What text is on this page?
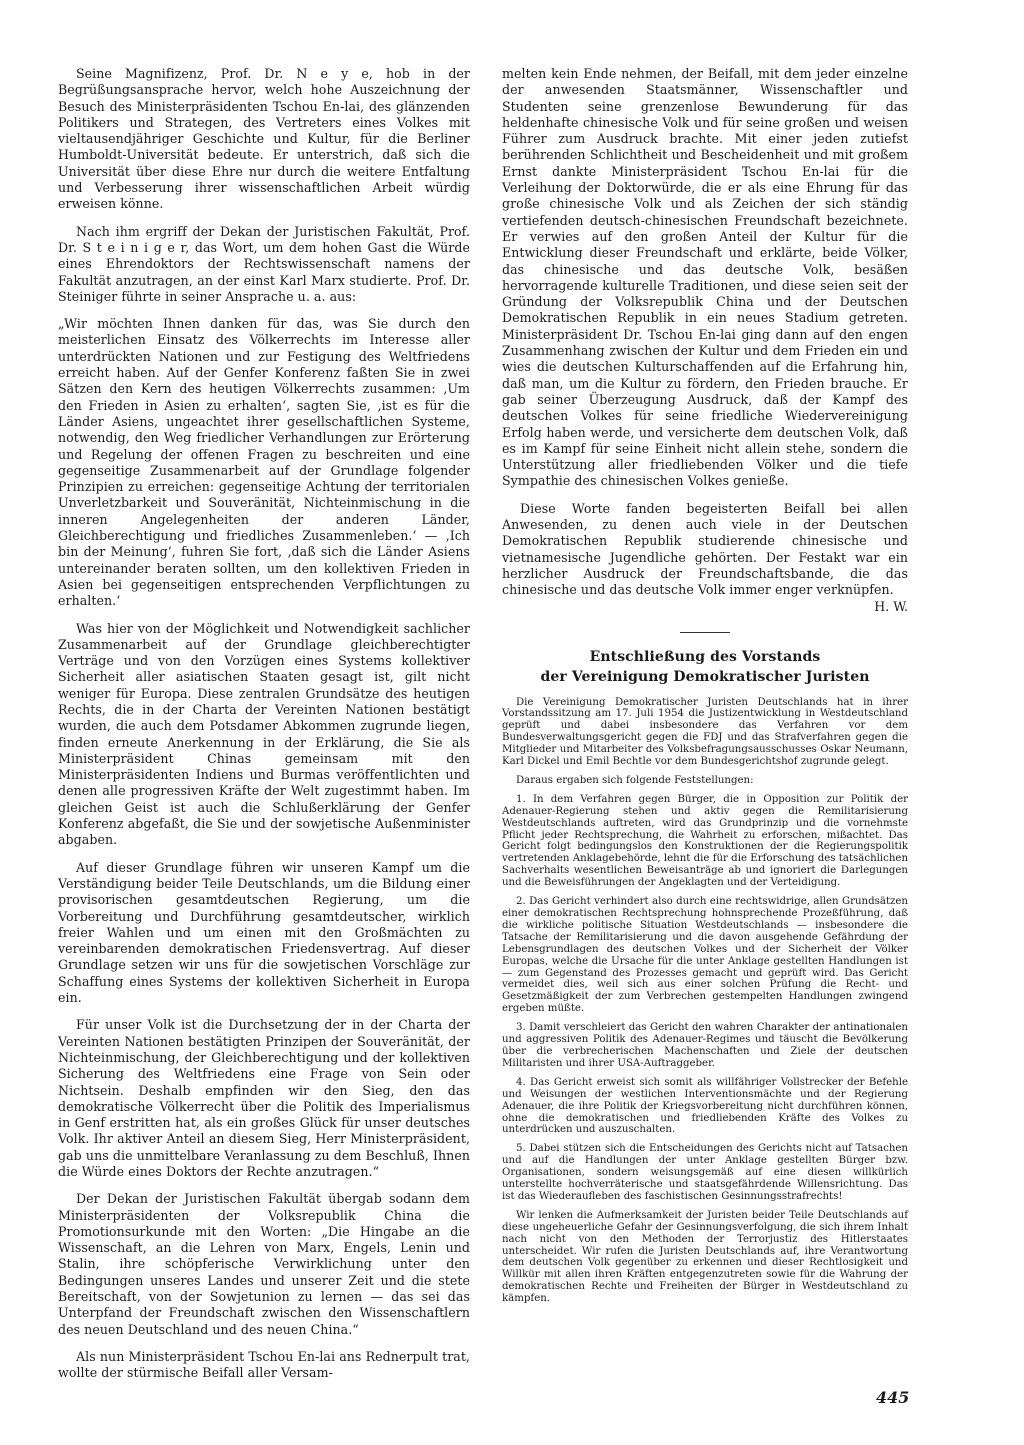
Seine Magnifizenz, Prof. Dr. N e y e, hob in der Begrüßungsansprache hervor, welch hohe Auszeichnung der Besuch des Ministerpräsidenten Tschou En-lai, des glänzenden Politikers und Strategen, des Vertreters eines Volkes mit vieltausendjähriger Geschichte und Kultur, für die Berliner Humboldt-Universität bedeute. Er unterstrich, daß sich die Universität über diese Ehre nur durch die weitere Entfaltung und Verbesserung ihrer wissenschaftlichen Arbeit würdig erweisen könne.

Nach ihm ergriff der Dekan der Juristischen Fakultät, Prof. Dr. S t e i n i g e r, das Wort, um dem hohen Gast die Würde eines Ehrendoktors der Rechtswissenschaft namens der Fakultät anzutragen, an der einst Karl Marx studierte. Prof. Dr. Steiniger führte in seiner Ansprache u. a. aus:

„Wir möchten Ihnen danken für das, was Sie durch den meisterlichen Einsatz des Völkerrechts im Interesse aller unterdrückten Nationen und zur Festigung des Weltfriedens erreicht haben. Auf der Genfer Konferenz faßten Sie in zwei Sätzen den Kern des heutigen Völkerrechts zusammen: ‚Um den Frieden in Asien zu erhalten‘, sagten Sie, ‚ist es für die Länder Asiens, ungeachtet ihrer gesellschaftlichen Systeme, notwendig, den Weg friedlicher Verhandlungen zur Erörterung und Regelung der offenen Fragen zu beschreiten und eine gegenseitige Zusammenarbeit auf der Grundlage folgender Prinzipien zu erreichen: gegenseitige Achtung der territorialen Unverletzbarkeit und Souveränität, Nichteinmischung in die inneren Angelegenheiten der anderen Länder, Gleichberechtigung und friedliches Zusammenleben.‘ — ‚Ich bin der Meinung‘, fuhren Sie fort, ‚daß sich die Länder Asiens untereinander beraten sollten, um den kollektiven Frieden in Asien bei gegenseitigen entsprechenden Verpflichtungen zu erhalten.‘

Was hier von der Möglichkeit und Notwendigkeit sachlicher Zusammenarbeit auf der Grundlage gleichberechtigter Verträge und von den Vorzügen eines Systems kollektiver Sicherheit aller asiatischen Staaten gesagt ist, gilt nicht weniger für Europa. Diese zentralen Grundsätze des heutigen Rechts, die in der Charta der Vereinten Nationen bestätigt wurden, die auch dem Potsdamer Abkommen zugrunde liegen, finden erneute Anerkennung in der Erklärung, die Sie als Ministerpräsident Chinas gemeinsam mit den Ministerpräsidenten Indiens und Burmas veröffentlichten und denen alle progressiven Kräfte der Welt zugestimmt haben. Im gleichen Geist ist auch die Schlußerklärung der Genfer Konferenz abgefaßt, die Sie und der sowjetische Außenminister abgaben.

Auf dieser Grundlage führen wir unseren Kampf um die Verständigung beider Teile Deutschlands, um die Bildung einer provisorischen gesamtdeutschen Regierung, um die Vorbereitung und Durchführung gesamtdeutscher, wirklich freier Wahlen und um einen mit den Großmächten zu vereinbarenden demokratischen Friedensvertrag. Auf dieser Grundlage setzen wir uns für die sowjetischen Vorschläge zur Schaffung eines Systems der kollektiven Sicherheit in Europa ein.

Für unser Volk ist die Durchsetzung der in der Charta der Vereinten Nationen bestätigten Prinzipen der Souveränität, der Nichteinmischung, der Gleichberechtigung und der kollektiven Sicherung des Weltfriedens eine Frage von Sein oder Nichtsein. Deshalb empfinden wir den Sieg, den das demokratische Völkerrecht über die Politik des Imperialismus in Genf erstritten hat, als ein großes Glück für unser deutsches Volk. Ihr aktiver Anteil an diesem Sieg, Herr Ministerpräsident, gab uns die unmittelbare Veranlassung zu dem Beschluß, Ihnen die Würde eines Doktors der Rechte anzutragen.“

Der Dekan der Juristischen Fakultät übergab sodann dem Ministerpräsidenten der Volksrepublik China die Promotionsurkunde mit den Worten: „Die Hingabe an die Wissenschaft, an die Lehren von Marx, Engels, Lenin und Stalin, ihre schöpferische Verwirklichung unter den Bedingungen unseres Landes und unserer Zeit und die stete Bereitschaft, von der Sowjetunion zu lernen — das sei das Unterpfand der Freundschaft zwischen den Wissenschaftlern des neuen Deutschland und des neuen China.“

Als nun Ministerpräsident Tschou En-lai ans Rednerpult trat, wollte der stürmische Beifall aller Versam-

melten kein Ende nehmen, der Beifall, mit dem jeder einzelne der anwesenden Staatsmänner, Wissenschaftler und Studenten seine grenzenlose Bewunderung für das heldenhafte chinesische Volk und für seine großen und weisen Führer zum Ausdruck brachte. Mit einer jeden zutiefst berührenden Schlichtheit und Bescheidenheit und mit großem Ernst dankte Ministerpräsident Tschou En-lai für die Verleihung der Doktorwürde, die er als eine Ehrung für das große chinesische Volk und als Zeichen der sich ständig vertiefenden deutsch-chinesischen Freundschaft bezeichnete. Er verwies auf den großen Anteil der Kultur für die Entwicklung dieser Freundschaft und erklärte, beide Völker, das chinesische und das deutsche Volk, besäßen hervorragende kulturelle Traditionen, und diese seien seit der Gründung der Volksrepublik China und der Deutschen Demokratischen Republik in ein neues Stadium getreten. Ministerpräsident Dr. Tschou En-lai ging dann auf den engen Zusammenhang zwischen der Kultur und dem Frieden ein und wies die deutschen Kulturschaffenden auf die Erfahrung hin, daß man, um die Kultur zu fördern, den Frieden brauche. Er gab seiner Überzeugung Ausdruck, daß der Kampf des deutschen Volkes für seine friedliche Wiedervereinigung Erfolg haben werde, und versicherte dem deutschen Volk, daß es im Kampf für seine Einheit nicht allein stehe, sondern die Unterstützung aller friedliebenden Völker und die tiefe Sympathie des chinesischen Volkes genieße.

Diese Worte fanden begeisterten Beifall bei allen Anwesenden, zu denen auch viele in der Deutschen Demokratischen Republik studierende chinesische und vietnamesische Jugendliche gehörten. Der Festakt war ein herzlicher Ausdruck der Freundschaftsbande, die das chinesische und das deutsche Volk immer enger verknüpfen.

H. W.
Entschließung des Vorstands
der Vereinigung Demokratischer Juristen

Die Vereinigung Demokratischer Juristen Deutschlands hat in ihrer Vorstandssitzung am 17. Juli 1954 die Justizentwicklung in Westdeutschland geprüft und dabei insbesondere das Verfahren vor dem Bundesverwaltungsgericht gegen die FDJ und das Strafverfahren gegen die Mitglieder und Mitarbeiter des Volksbefragungsausschusses Oskar Neumann, Karl Dickel und Emil Bechtle vor dem Bundesgerichtshof zugrunde gelegt.

Daraus ergaben sich folgende Feststellungen:

1. In dem Verfahren gegen Bürger, die in Opposition zur Politik der Adenauer-Regierung stehen und aktiv gegen die Remilitarisierung Westdeutschlands auftreten, wird das Grundprinzip und die vornehmste Pflicht jeder Rechtsprechung, die Wahrheit zu erforschen, mißachtet. Das Gericht folgt bedingungslos den Konstruktionen der die Regierungspolitik vertretenden Anklagebehörde, lehnt die für die Erforschung des tatsächlichen Sachverhalts wesentlichen Beweisanträge ab und ignoriert die Darlegungen und die Beweisführungen der Angeklagten und der Verteidigung.

2. Das Gericht verhindert also durch eine rechtswidrige, allen Grundsätzen einer demokratischen Rechtsprechung hohnsprechende Prozeßführung, daß die wirkliche politische Situation Westdeutschlands — insbesondere die Tatsache der Remilitarisierung und die davon ausgehende Gefährdung der Lebensgrundlagen des deutschen Volkes und der Sicherheit der Völker Europas, welche die Ursache für die unter Anklage gestellten Handlungen ist — zum Gegenstand des Prozesses gemacht und geprüft wird. Das Gericht vermeidet dies, weil sich aus einer solchen Prüfung die Recht- und Gesetzmäßigkeit der zum Verbrechen gestempelten Handlungen zwingend ergeben müßte.

3. Damit verschleiert das Gericht den wahren Charakter der antinationalen und aggressiven Politik des Adenauer-Regimes und täuscht die Bevölkerung über die verbrecherischen Machenschaften und Ziele der deutschen Militaristen und ihrer USA-Auftraggeber.

4. Das Gericht erweist sich somit als willfähriger Vollstrecker der Befehle und Weisungen der westlichen Interventionsmächte und der Regierung Adenauer, die ihre Politik der Kriegsvorbereitung nicht durchführen können, ohne die demokratischen und friedliebenden Kräfte des Volkes zu unterdrücken und auszuschalten.

5. Dabei stützen sich die Entscheidungen des Gerichts nicht auf Tatsachen und auf die Handlungen der unter Anklage gestellten Bürger bzw. Organisationen, sondern weisungsgemäß auf eine diesen willkürlich unterstellte hochverräterische und staatsgefährdende Willensrichtung. Das ist das Wiederaufleben des faschistischen Gesinnungsstrafrechts!

Wir lenken die Aufmerksamkeit der Juristen beider Teile Deutschlands auf diese ungeheuerliche Gefahr der Gesinnungsverfolgung, die sich ihrem Inhalt nach nicht von den Methoden der Terrorjustiz des Hitlerstaates unterscheidet. Wir rufen die Juristen Deutschlands auf, ihre Verantwortung dem deutschen Volk gegenüber zu erkennen und dieser Rechtlosigkeit und Willkür mit allen ihren Kräften entgegenzutreten sowie für die Wahrung der demokratischen Rechte und Freiheiten der Bürger in Westdeutschland zu kämpfen.

445
